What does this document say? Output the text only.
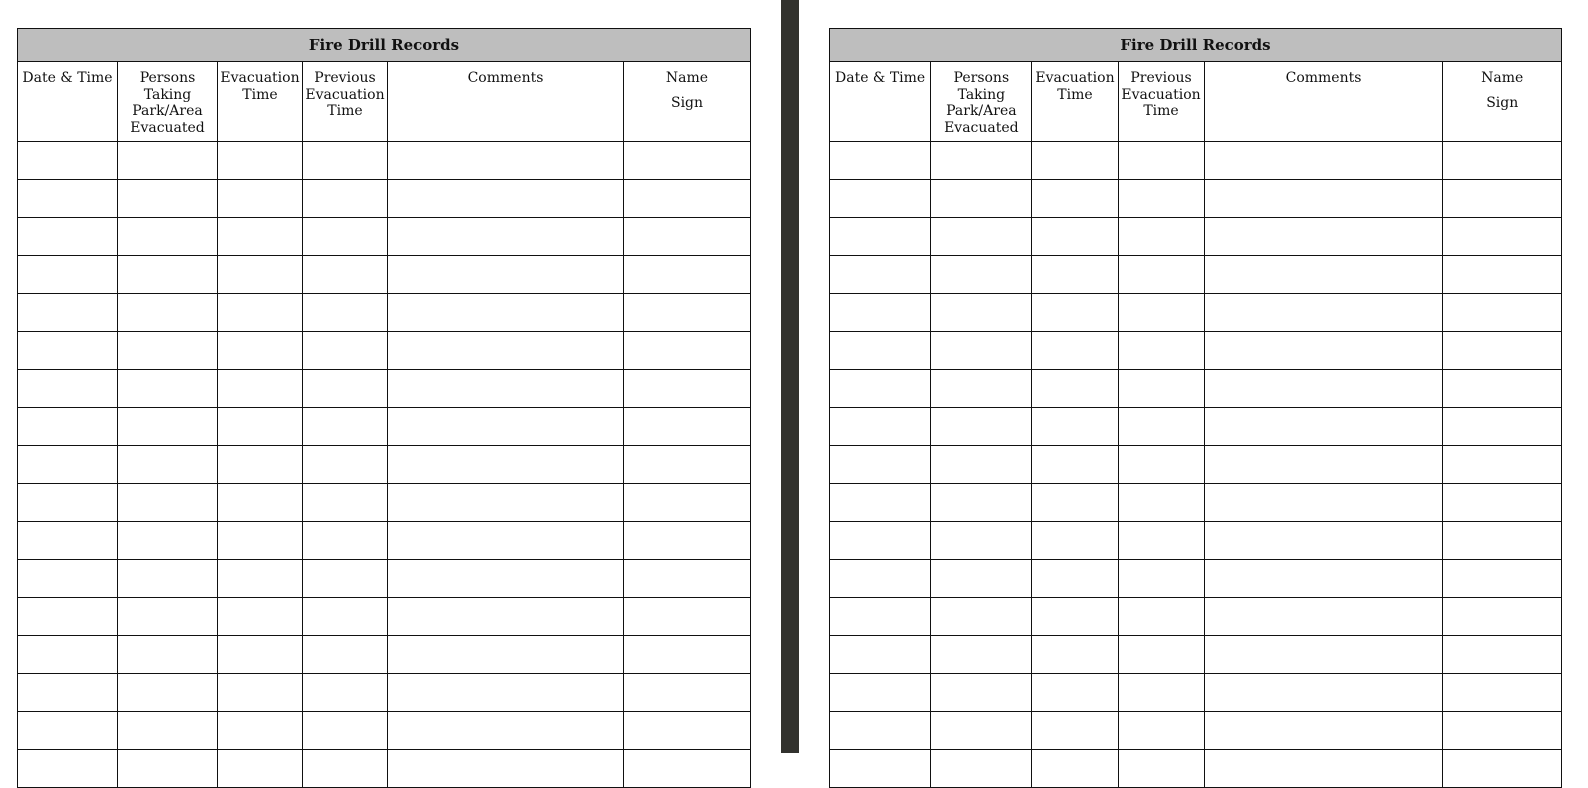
Fire Drill Records					

Date & Time	Persons
Taking
Park/Area
Evacuated	Evacuation
Time	Previous
Evacuation
Time	Comments	Name
Sign

Fire Drill Records					

Date & Time	Persons
Taking
Park/Area
Evacuated	Evacuation
Time	Previous
Evacuation
Time	Comments	Name
Sign
